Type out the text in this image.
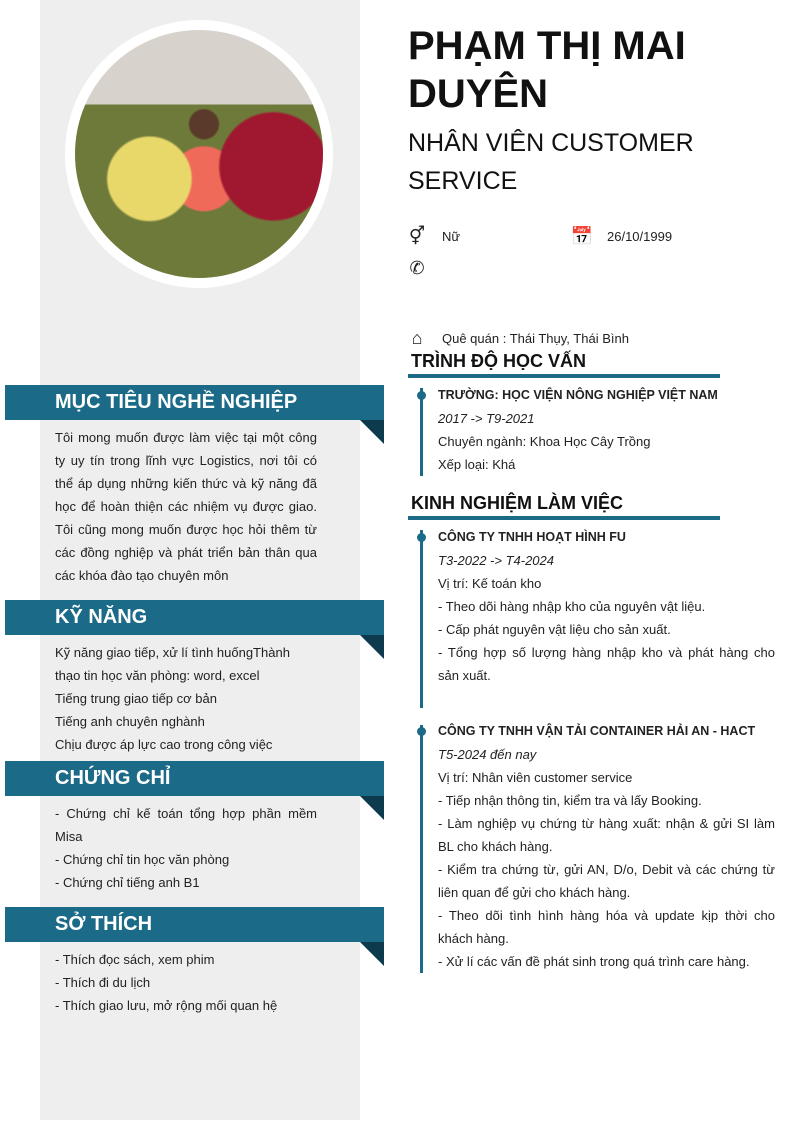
MỤC TIÊU NGHỀ NGHIỆP
Tôi mong muốn được làm việc tại một công ty uy tín trong lĩnh vực Logistics, nơi tôi có thể áp dụng những kiến thức và kỹ năng đã học để hoàn thiện các nhiệm vụ được giao. Tôi cũng mong muốn được học hỏi thêm từ các đồng nghiệp và phát triển bản thân qua các khóa đào tạo chuyên môn
KỸ NĂNG
Kỹ năng giao tiếp, xử lí tình huốngThành thạo tin học văn phòng: word, excel
Tiếng trung giao tiếp cơ bản
Tiếng anh chuyên nghành
Chịu được áp lực cao trong công việc
CHỨNG CHỈ
- Chứng chỉ kế toán tổng hợp phần mềm Misa
- Chứng chỉ tin học văn phòng
- Chứng chỉ tiếng anh B1
SỞ THÍCH
- Thích đọc sách, xem phim
- Thích đi du lịch
- Thích giao lưu, mở rộng mối quan hệ
PHẠM THỊ MAI DUYÊN
NHÂN VIÊN CUSTOMER SERVICE
⚥ Nữ	📅 26/10/1999
✆
⌂	Quê quán : Thái Thụy, Thái Bình
TRÌNH ĐỘ HỌC VẤN
TRƯỜNG: HỌC VIỆN NÔNG NGHIỆP VIỆT NAM
2017 -> T9-2021
Chuyên ngành: Khoa Học Cây Trồng
Xếp loại: Khá
KINH NGHIỆM LÀM VIỆC
CÔNG TY TNHH HOẠT HÌNH FU
T3-2022 -> T4-2024
Vị trí: Kế toán kho
- Theo dõi hàng nhập kho của nguyên vật liệu.
- Cấp phát nguyên vật liệu cho sản xuất.
- Tổng hợp số lượng hàng nhập kho và phát hàng cho sản xuất.
CÔNG TY TNHH VẬN TẢI CONTAINER HẢI AN - HACT
T5-2024 đến nay
Vị trí: Nhân viên customer service
- Tiếp nhận thông tin, kiểm tra và lấy Booking.
- Làm nghiệp vụ chứng từ hàng xuất: nhận & gửi SI làm BL cho khách hàng.
- Kiểm tra chứng từ, gửi AN, D/o, Debit và các chứng từ liên quan để gửi cho khách hàng.
- Theo dõi tình hình hàng hóa và update kịp thời cho khách hàng.
- Xử lí các vấn đề phát sinh trong quá trình care hàng.
